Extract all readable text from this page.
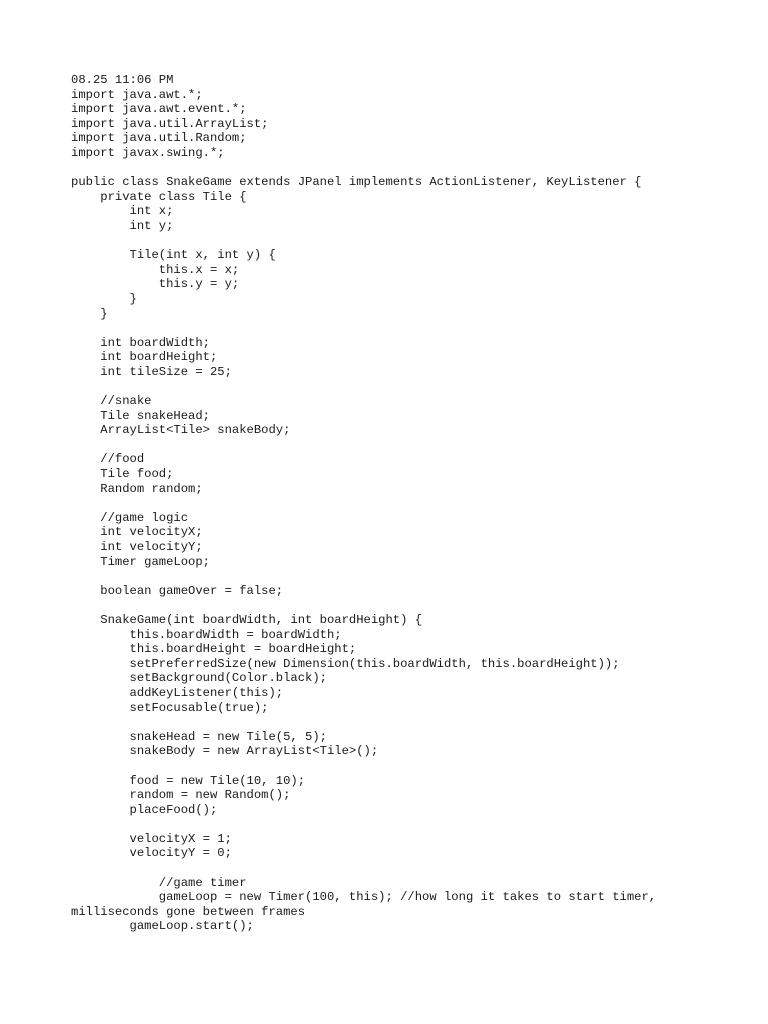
08.25 11:06 PM
import java.awt.*;
import java.awt.event.*;
import java.util.ArrayList;
import java.util.Random;
import javax.swing.*;
public class SnakeGame extends JPanel implements ActionListener, KeyListener {
private class Tile {
int x;
int y;
Tile(int x, int y) {
this.x = x;
this.y = y;
}
}
int boardWidth;
int boardHeight;
int tileSize = 25;
//snake
Tile snakeHead;
ArrayList<Tile> snakeBody;
//food
Tile food;
Random random;
//game logic
int velocityX;
int velocityY;
Timer gameLoop;
boolean gameOver = false;
SnakeGame(int boardWidth, int boardHeight) {
this.boardWidth = boardWidth;
this.boardHeight = boardHeight;
setPreferredSize(new Dimension(this.boardWidth, this.boardHeight));
setBackground(Color.black);
addKeyListener(this);
setFocusable(true);
snakeHead = new Tile(5, 5);
snakeBody = new ArrayList<Tile>();
food = new Tile(10, 10);
random = new Random();
placeFood();
velocityX = 1;
velocityY = 0;
//game timer
gameLoop = new Timer(100, this); //how long it takes to start timer,
milliseconds gone between frames
gameLoop.start();
